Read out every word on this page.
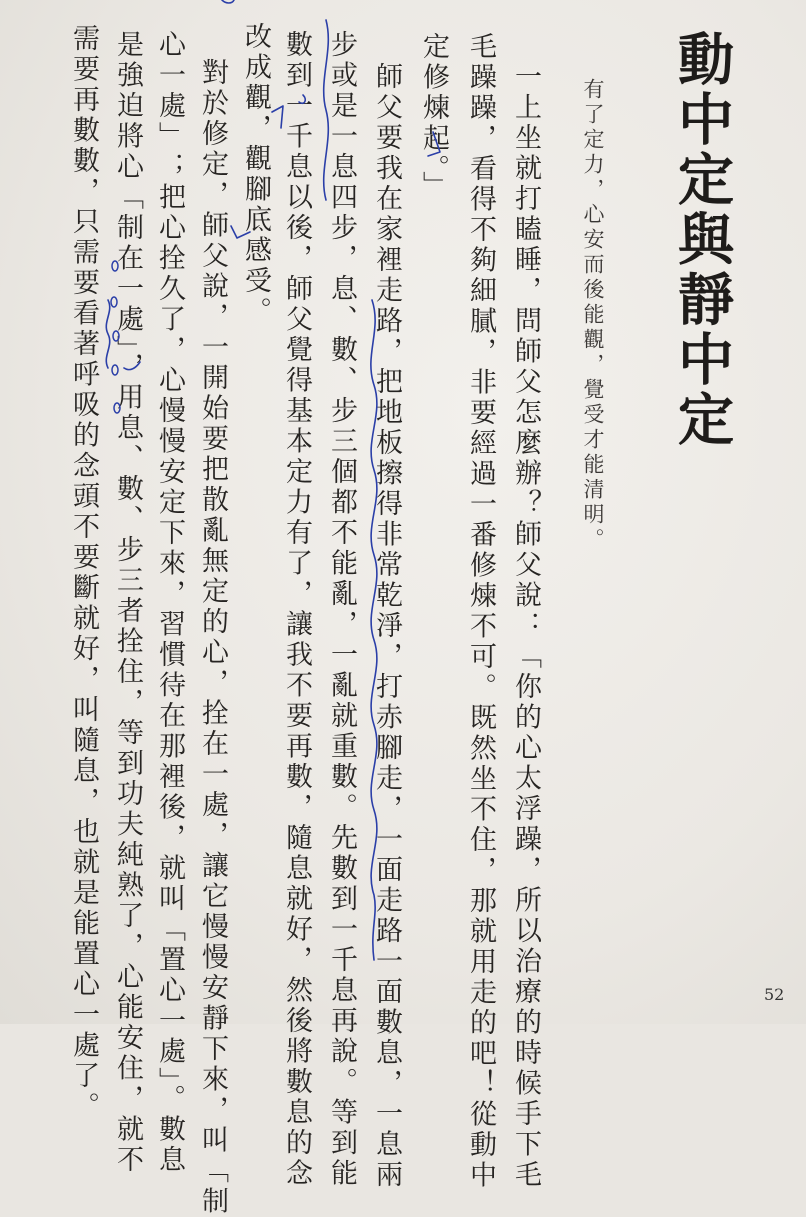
動中定與靜中定

有了定力，心安而後能觀，覺受才能清明。

一上坐就打瞌睡，問師父怎麼辦？師父說：「你的心太浮躁，所以治療的時候手下毛

毛躁躁，看得不夠細膩，非要經過一番修煉不可。既然坐不住，那就用走的吧！從動中

定修煉起。」

師父要我在家裡走路，把地板擦得非常乾淨，打赤腳走，一面走路一面數息，一息兩

步或是一息四步，息、數、步三個都不能亂，一亂就重數。先數到一千息再說。等到能

數到一千息以後，師父覺得基本定力有了，讓我不要再數，隨息就好，然後將數息的念

改成觀，觀腳底感受。

對於修定，師父說，一開始要把散亂無定的心，拴在一處，讓它慢慢安靜下來，叫「制

心一處」；把心拴久了，心慢慢安定下來，習慣待在那裡後，就叫「置心一處」。數息

是強迫將心「制在一處」，用息、數、步三者拴住，等到功夫純熟了，心能安住，就不

需要再數數，只需要看著呼吸的念頭不要斷就好，叫隨息，也就是能置心一處了。	52
